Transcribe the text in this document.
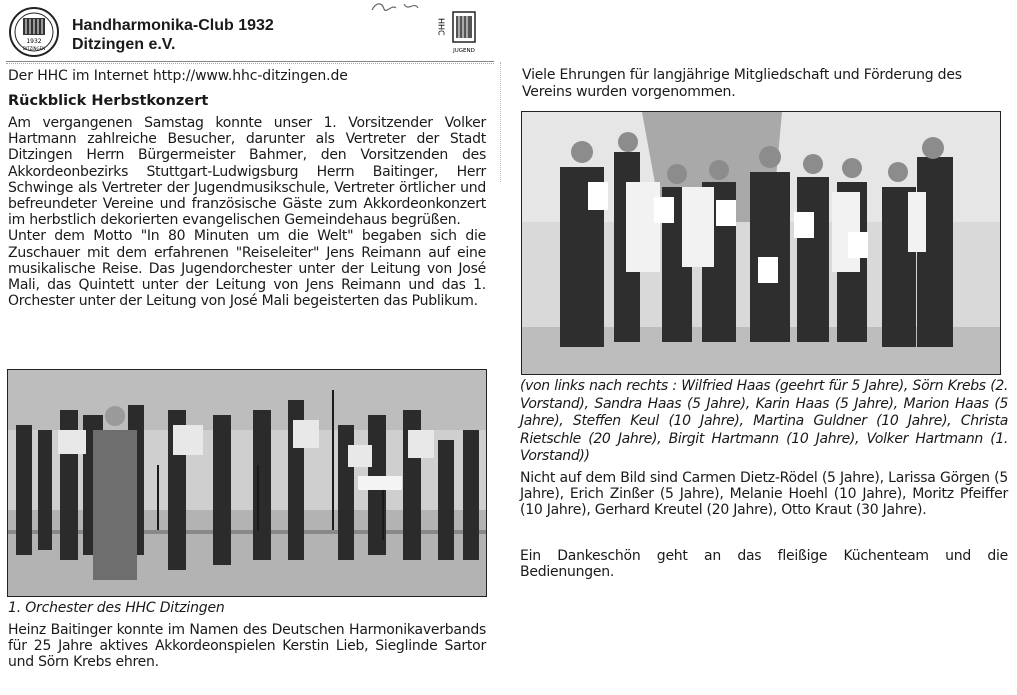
1932
DITZINGEN
Handharmonika-Club 1932
Ditzingen e.V.
HHC
JUGEND
Der HHC im Internet http://www.hhc-ditzingen.de
Rückblick Herbstkonzert
Am vergangenen Samstag konnte unser 1. Vorsitzender Volker Hartmann zahlreiche Besucher, darunter als Vertreter der Stadt Ditzingen Herrn Bürgermeister Bahmer, den Vorsitzenden des Akkordeonbezirks Stuttgart-Ludwigsburg Herrn Baitinger, Herr Schwinge als Vertreter der Jugendmusikschule, Vertreter örtlicher und befreundeter Vereine und französische Gäste zum Akkordeonkonzert im herbstlich dekorierten evangelischen Gemeindehaus begrüßen.
Unter dem Motto "In 80 Minuten um die Welt" begaben sich die Zuschauer mit dem erfahrenen "Reiseleiter" Jens Reimann auf eine musikalische Reise. Das Jugendorchester unter der Leitung von José Mali, das Quintett unter der Leitung von Jens Reimann und das 1. Orchester unter der Leitung von José Mali begeisterten das Publikum.
1. Orchester des HHC Ditzingen
Heinz Baitinger konnte im Namen des Deutschen Harmonikaverbands für 25 Jahre aktives Akkordeonspielen Kerstin Lieb, Sieglinde Sartor und Sörn Krebs ehren.
Viele Ehrungen für langjährige Mitgliedschaft und Förderung des Vereins wurden vorgenommen.
(von links nach rechts : Wilfried Haas (geehrt für 5 Jahre), Sörn Krebs (2. Vorstand), Sandra Haas (5 Jahre), Karin Haas (5 Jahre), Marion Haas (5 Jahre), Steffen Keul (10 Jahre), Martina Guldner (10 Jahre), Christa Rietschle (20 Jahre), Birgit Hartmann (10 Jahre), Volker Hartmann (1. Vorstand))
Nicht auf dem Bild sind Carmen Dietz-Rödel (5 Jahre), Larissa Görgen (5 Jahre), Erich Zinßer (5 Jahre), Melanie Hoehl (10 Jahre), Moritz Pfeiffer (10 Jahre), Gerhard Kreutel (20 Jahre), Otto Kraut (30 Jahre).
Ein Dankeschön geht an das fleißige Küchenteam und die Bedienungen.
